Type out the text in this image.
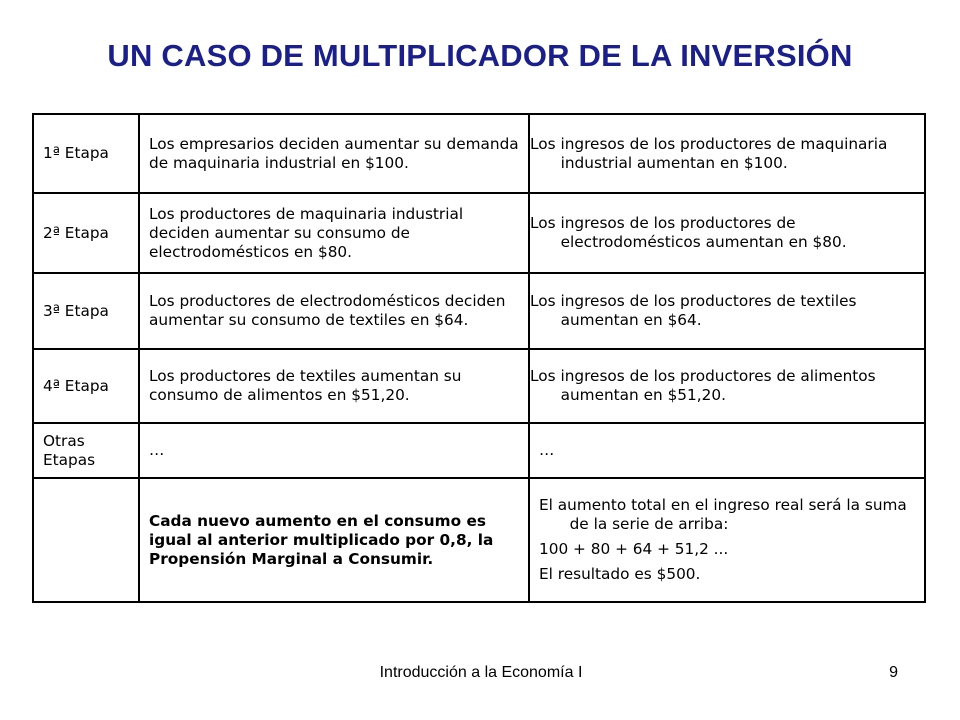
UN CASO DE MULTIPLICADOR DE LA INVERSIÓN
1ª Etapa	Los empresarios deciden aumentar su demanda de maquinaria industrial en $100.	Los ingresos de los productores de maquinaria industrial aumentan en $100.
2ª Etapa	Los productores de maquinaria industrial deciden aumentar su consumo de electrodomésticos en $80.	Los ingresos de los productores de electrodomésticos aumentan en $80.
3ª Etapa	Los productores de electrodomésticos deciden aumentar su consumo de textiles en $64.	Los ingresos de los productores de textiles aumentan en $64.
4ª Etapa	Los productores de textiles aumentan su consumo de alimentos en $51,20.	Los ingresos de los productores de alimentos aumentan en $51,20.
Otras Etapas	…	…
	Cada nuevo aumento en el consumo es igual al anterior multiplicado por 0,8, la Propensión Marginal a Consumir.	El aumento total en el ingreso real será la suma de la serie de arriba:

100 + 80 + 64 + 51,2 ...

El resultado es $500.

Introducción a la Economía I	9
